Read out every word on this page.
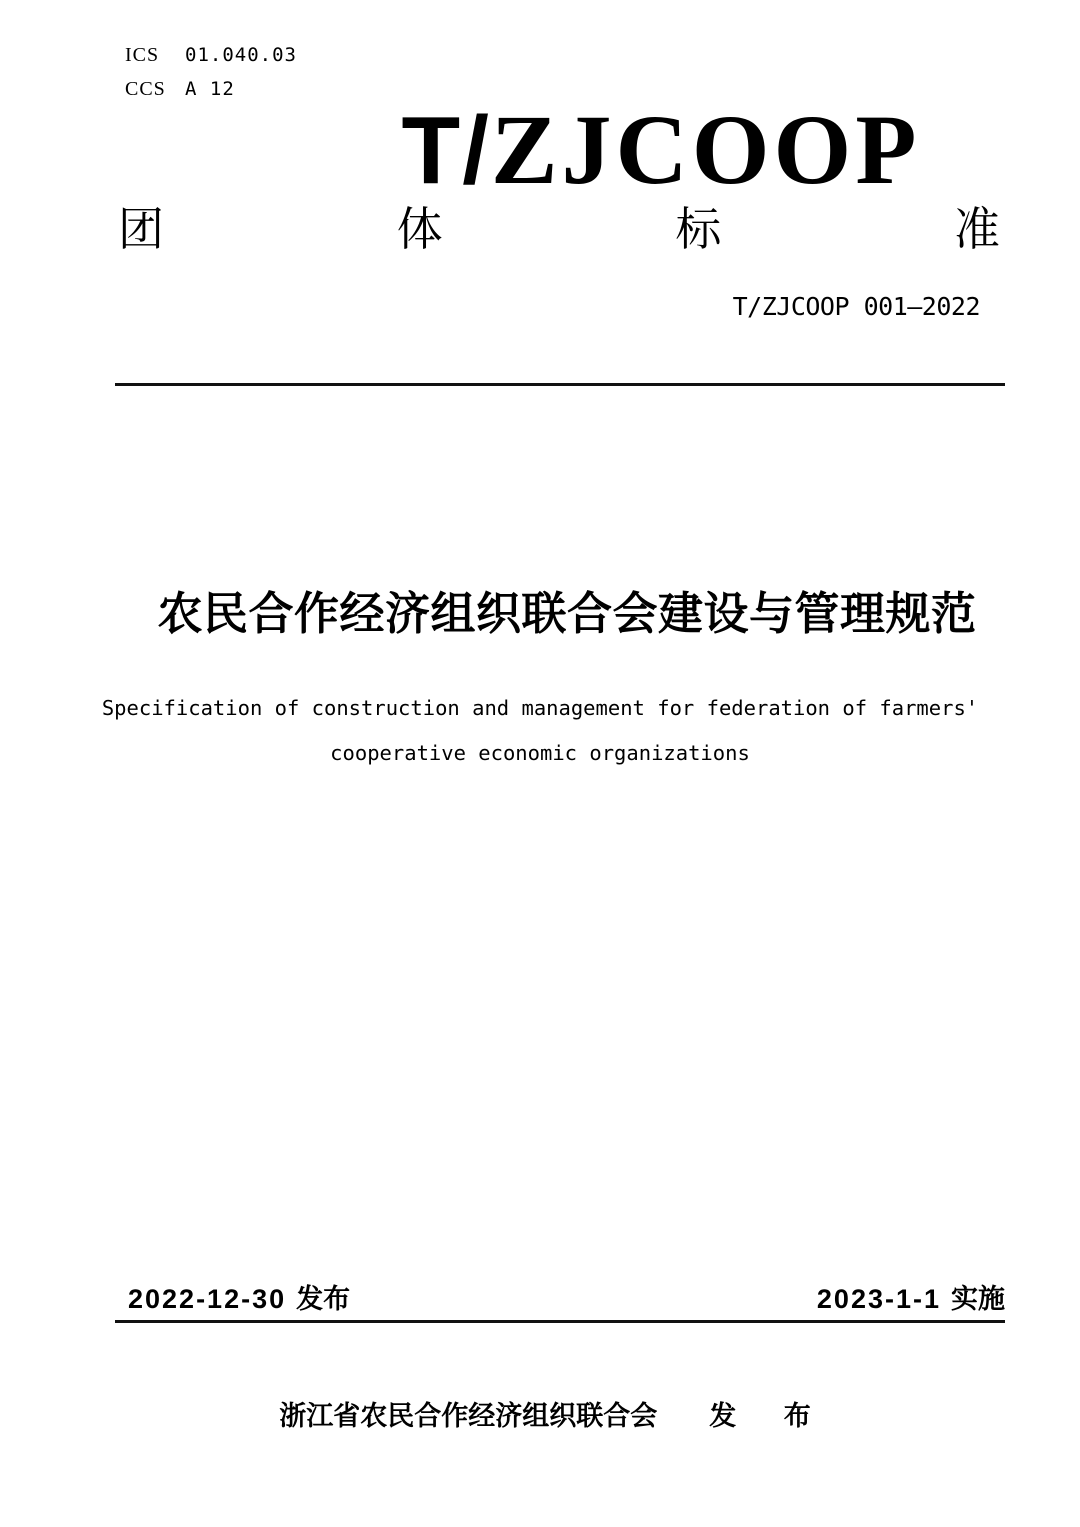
ICS	01.040.03
CCS A 12
T/ZJCOOP
团	体	标	准
T/ZJCOOP 001—2022
农民合作经济组织联合会建设与管理规范
Specification of construction and management for federation of farmers'
cooperative economic organizations
2022-12-30 发布	2023-1-1 实施
浙江省农民合作经济组织联合会 发 布
